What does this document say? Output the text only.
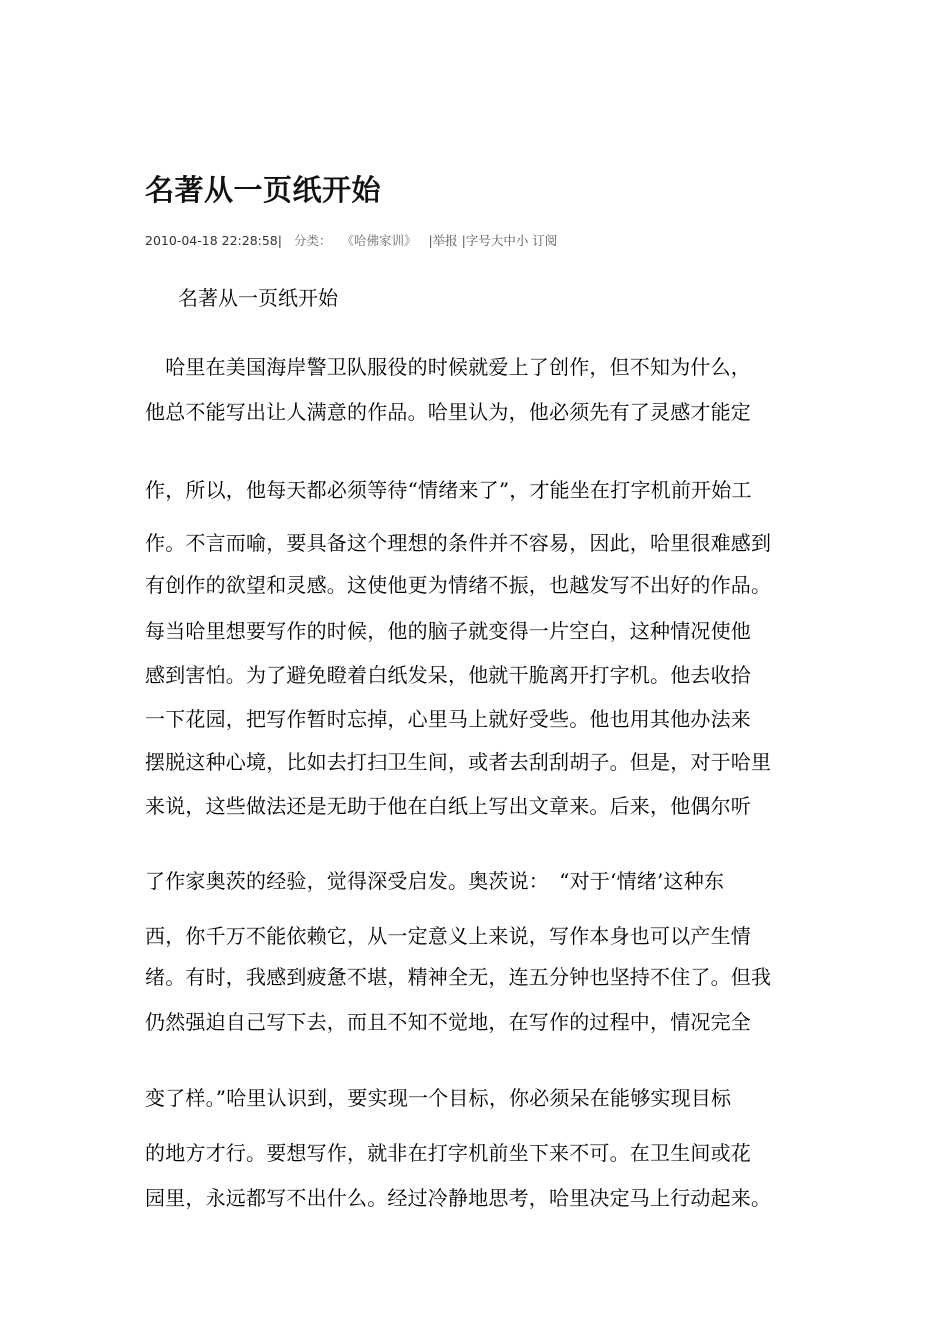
名著从一页纸开始
2010-04-18 22:28:58| 分类： 《哈佛家训》 |举报 |字号大中小 订阅
名著从一页纸开始
　哈里在美国海岸警卫队服役的时候就爱上了创作，但不知为什么，
他总不能写出让人满意的作品。哈里认为，他必须先有了灵感才能定
作，所以，他每天都必须等待“情绪来了”，才能坐在打字机前开始工
作。不言而喻，要具备这个理想的条件并不容易，因此，哈里很难感到
有创作的欲望和灵感。这使他更为情绪不振，也越发写不出好的作品。
每当哈里想要写作的时候，他的脑子就变得一片空白，这种情况使他
感到害怕。为了避免瞪着白纸发呆，他就干脆离开打字机。他去收拾
一下花园，把写作暂时忘掉，心里马上就好受些。他也用其他办法来
摆脱这种心境，比如去打扫卫生间，或者去刮刮胡子。但是，对于哈里
来说，这些做法还是无助于他在白纸上写出文章来。后来，他偶尔听
了作家奥茨的经验，觉得深受启发。奥茨说：　“对于‘情绪’这种东
西，你千万不能依赖它，从一定意义上来说，写作本身也可以产生情
绪。有时，我感到疲惫不堪，精神全无，连五分钟也坚持不住了。但我
仍然强迫自己写下去，而且不知不觉地，在写作的过程中，情况完全
变了样。”哈里认识到，要实现一个目标，你必须呆在能够实现目标
的地方才行。要想写作，就非在打字机前坐下来不可。在卫生间或花
园里，永远都写不出什么。经过冷静地思考，哈里决定马上行动起来。
